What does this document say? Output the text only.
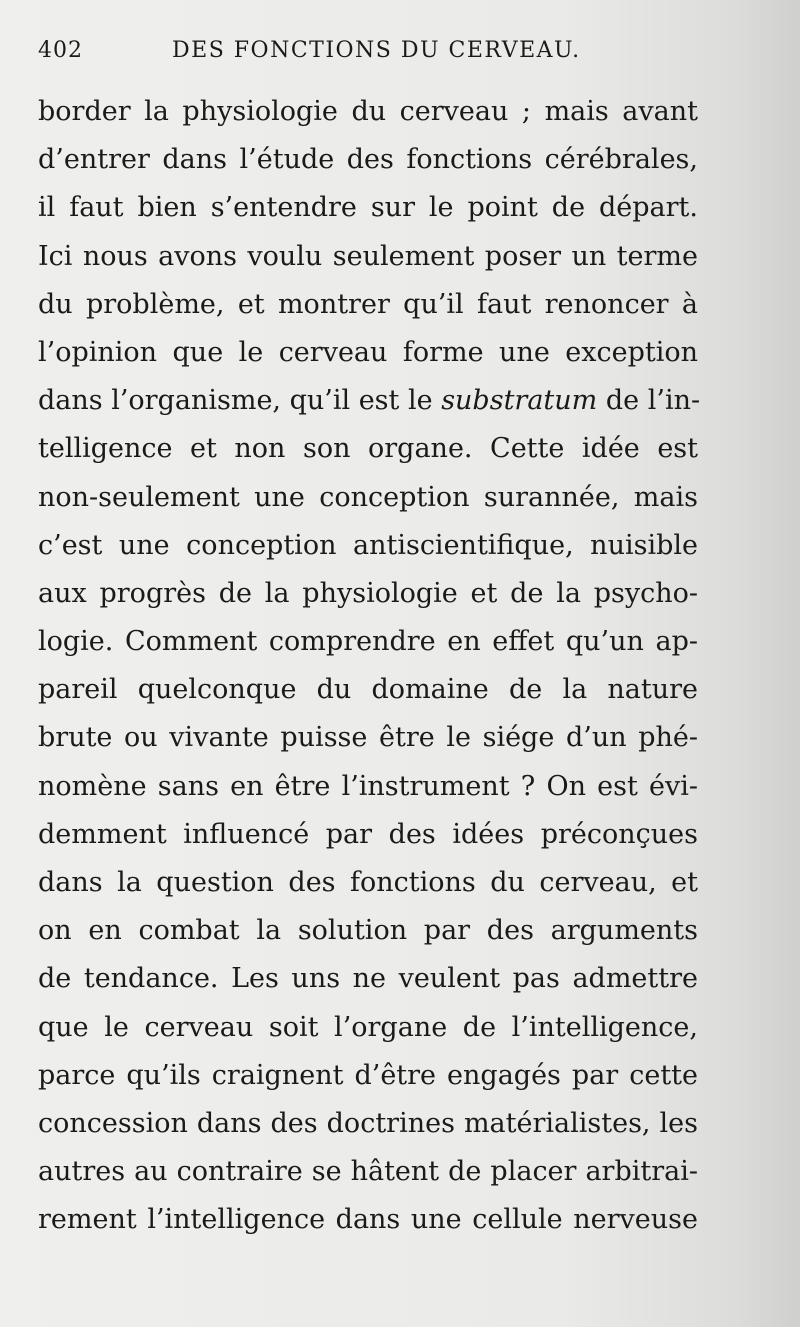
402	DES FONCTIONS DU CERVEAU.
border la physiologie du cerveau ; mais avant
d’entrer dans l’étude des fonctions cérébrales,
il faut bien s’entendre sur le point de départ.
Ici nous avons voulu seulement poser un terme
du problème, et montrer qu’il faut renoncer à
l’opinion que le cerveau forme une exception
dans l’organisme, qu’il est le substratum de l’in-
telligence et non son organe. Cette idée est
non-seulement une conception surannée, mais
c’est une conception antiscientifique, nuisible
aux progrès de la physiologie et de la psycho-
logie. Comment comprendre en effet qu’un ap-
pareil quelconque du domaine de la nature
brute ou vivante puisse être le siége d’un phé-
nomène sans en être l’instrument ? On est évi-
demment influencé par des idées préconçues
dans la question des fonctions du cerveau, et
on en combat la solution par des arguments
de tendance. Les uns ne veulent pas admettre
que le cerveau soit l’organe de l’intelligence,
parce qu’ils craignent d’être engagés par cette
concession dans des doctrines matérialistes, les
autres au contraire se hâtent de placer arbitrai-
rement l’intelligence dans une cellule nerveuse
